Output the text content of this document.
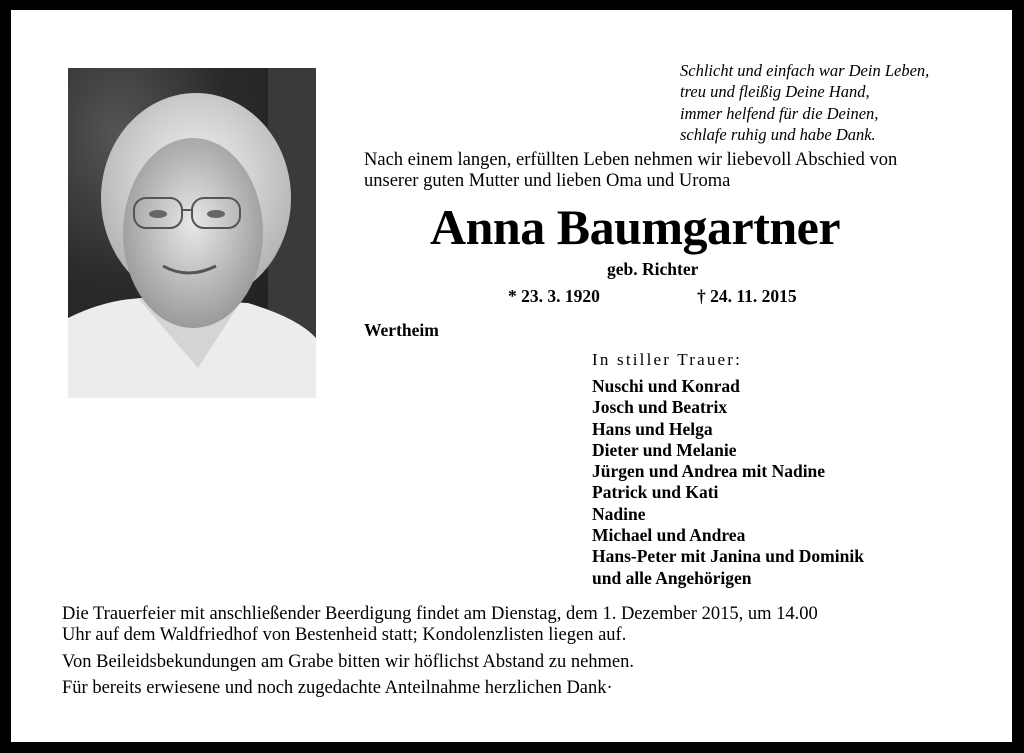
Schlicht und einfach war Dein Leben,
treu und fleißig Deine Hand,
immer helfend für die Deinen,
schlafe ruhig und habe Dank.
Nach einem langen, erfüllten Leben nehmen wir liebevoll Abschied von
unserer guten Mutter und lieben Oma und Uroma
Anna Baumgartner
geb. Richter
* 23. 3. 1920	† 24. 11. 2015
Wertheim
In stiller Trauer:
Nuschi und Konrad
Josch und Beatrix
Hans und Helga
Dieter und Melanie
Jürgen und Andrea mit Nadine
Patrick und Kati
Nadine
Michael und Andrea
Hans-Peter mit Janina und Dominik
und alle Angehörigen
Die Trauerfeier mit anschließender Beerdigung findet am Dienstag, dem 1. Dezember 2015, um 14.00
Uhr auf dem Waldfriedhof von Bestenheid statt; Kondolenzlisten liegen auf.
Von Beileidsbekundungen am Grabe bitten wir höflichst Abstand zu nehmen.
Für bereits erwiesene und noch zugedachte Anteilnahme herzlichen Dank·
